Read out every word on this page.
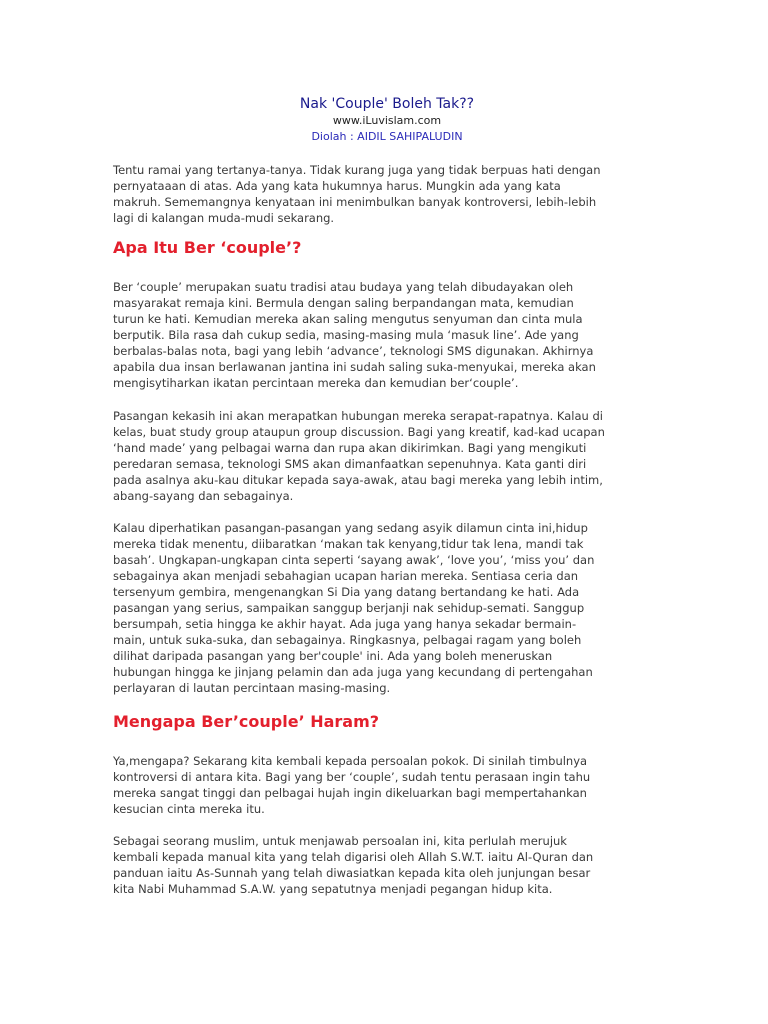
Nak 'Couple' Boleh Tak??
www.iLuvislam.com
Diolah : AIDIL SAHIPALUDIN
Tentu ramai yang tertanya-tanya. Tidak kurang juga yang tidak berpuas hati dengan
pernyataaan di atas. Ada yang kata hukumnya harus. Mungkin ada yang kata
makruh. Sememangnya kenyataan ini menimbulkan banyak kontroversi, lebih-lebih
lagi di kalangan muda-mudi sekarang.
Apa Itu Ber ‘couple’?
Ber ‘couple’ merupakan suatu tradisi atau budaya yang telah dibudayakan oleh
masyarakat remaja kini. Bermula dengan saling berpandangan mata, kemudian
turun ke hati. Kemudian mereka akan saling mengutus senyuman dan cinta mula
berputik. Bila rasa dah cukup sedia, masing-masing mula ‘masuk line’. Ade yang
berbalas-balas nota, bagi yang lebih ‘advance’, teknologi SMS digunakan. Akhirnya
apabila dua insan berlawanan jantina ini sudah saling suka-menyukai, mereka akan
mengisytiharkan ikatan percintaan mereka dan kemudian ber‘couple’.
Pasangan kekasih ini akan merapatkan hubungan mereka serapat-rapatnya. Kalau di
kelas, buat study group ataupun group discussion. Bagi yang kreatif, kad-kad ucapan
‘hand made’ yang pelbagai warna dan rupa akan dikirimkan. Bagi yang mengikuti
peredaran semasa, teknologi SMS akan dimanfaatkan sepenuhnya. Kata ganti diri
pada asalnya aku-kau ditukar kepada saya-awak, atau bagi mereka yang lebih intim,
abang-sayang dan sebagainya.
Kalau diperhatikan pasangan-pasangan yang sedang asyik dilamun cinta ini,hidup
mereka tidak menentu, diibaratkan ‘makan tak kenyang,tidur tak lena, mandi tak
basah’. Ungkapan-ungkapan cinta seperti ‘sayang awak’, ‘love you’, ‘miss you’ dan
sebagainya akan menjadi sebahagian ucapan harian mereka. Sentiasa ceria dan
tersenyum gembira, mengenangkan Si Dia yang datang bertandang ke hati. Ada
pasangan yang serius, sampaikan sanggup berjanji nak sehidup-semati. Sanggup
bersumpah, setia hingga ke akhir hayat. Ada juga yang hanya sekadar bermain-
main, untuk suka-suka, dan sebagainya. Ringkasnya, pelbagai ragam yang boleh
dilihat daripada pasangan yang ber'couple' ini. Ada yang boleh meneruskan
hubungan hingga ke jinjang pelamin dan ada juga yang kecundang di pertengahan
perlayaran di lautan percintaan masing-masing.
Mengapa Ber’couple’ Haram?
Ya,mengapa? Sekarang kita kembali kepada persoalan pokok. Di sinilah timbulnya
kontroversi di antara kita. Bagi yang ber ‘couple’, sudah tentu perasaan ingin tahu
mereka sangat tinggi dan pelbagai hujah ingin dikeluarkan bagi mempertahankan
kesucian cinta mereka itu.
Sebagai seorang muslim, untuk menjawab persoalan ini, kita perlulah merujuk
kembali kepada manual kita yang telah digarisi oleh Allah S.W.T. iaitu Al-Quran dan
panduan iaitu As-Sunnah yang telah diwasiatkan kepada kita oleh junjungan besar
kita Nabi Muhammad S.A.W. yang sepatutnya menjadi pegangan hidup kita.
